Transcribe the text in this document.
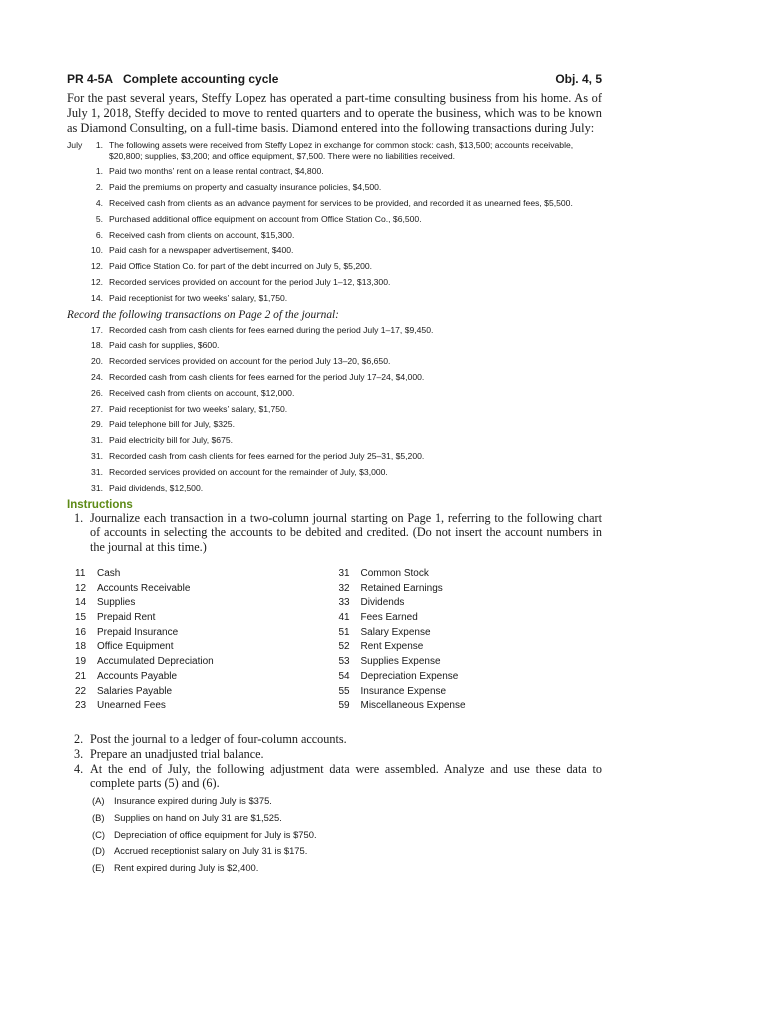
PR 4-5A Complete accounting cycle	Obj. 4, 5
For the past several years, Steffy Lopez has operated a part-time consulting business from his home. As of July 1, 2018, Steffy decided to move to rented quarters and to operate the business, which was to be known as Diamond Consulting, on a full-time basis. Diamond entered into the following transactions during July:
July	1. The following assets were received from Steffy Lopez in exchange for common stock: cash, $13,500; accounts receivable, $20,800; supplies, $3,200; and office equipment, $7,500. There were no liabilities received.
1. Paid two months’ rent on a lease rental contract, $4,800.
2. Paid the premiums on property and casualty insurance policies, $4,500.
4. Received cash from clients as an advance payment for services to be provided, and recorded it as unearned fees, $5,500.
5. Purchased additional office equipment on account from Office Station Co., $6,500.
6. Received cash from clients on account, $15,300.
10. Paid cash for a newspaper advertisement, $400.
12. Paid Office Station Co. for part of the debt incurred on July 5, $5,200.
12. Recorded services provided on account for the period July 1–12, $13,300.
14. Paid receptionist for two weeks’ salary, $1,750.
Record the following transactions on Page 2 of the journal:
17. Recorded cash from cash clients for fees earned during the period July 1–17, $9,450.
18. Paid cash for supplies, $600.
20. Recorded services provided on account for the period July 13–20, $6,650.
24. Recorded cash from cash clients for fees earned for the period July 17–24, $4,000.
26. Received cash from clients on account, $12,000.
27. Paid receptionist for two weeks’ salary, $1,750.
29. Paid telephone bill for July, $325.
31. Paid electricity bill for July, $675.
31. Recorded cash from cash clients for fees earned for the period July 25–31, $5,200.
31. Recorded services provided on account for the remainder of July, $3,000.
31. Paid dividends, $12,500.
Instructions
1. Journalize each transaction in a two-column journal starting on Page 1, referring to the following chart of accounts in selecting the accounts to be debited and credited. (Do not insert the account numbers in the journal at this time.)
11	Cash
12	Accounts Receivable
14	Supplies
15	Prepaid Rent
16	Prepaid Insurance
18	Office Equipment
19	Accumulated Depreciation
21	Accounts Payable
22	Salaries Payable
23	Unearned Fees
31	Common Stock
32	Retained Earnings
33	Dividends
41	Fees Earned
51	Salary Expense
52	Rent Expense
53	Supplies Expense
54	Depreciation Expense
55	Insurance Expense
59	Miscellaneous Expense
2. Post the journal to a ledger of four-column accounts.
3. Prepare an unadjusted trial balance.
4. At the end of July, the following adjustment data were assembled. Analyze and use these data to complete parts (5) and (6).
(A)	Insurance expired during July is $375.
(B)	Supplies on hand on July 31 are $1,525.
(C) Depreciation of office equipment for July is $750.
(D) Accrued receptionist salary on July 31 is $175.
(E)	Rent expired during July is $2,400.
